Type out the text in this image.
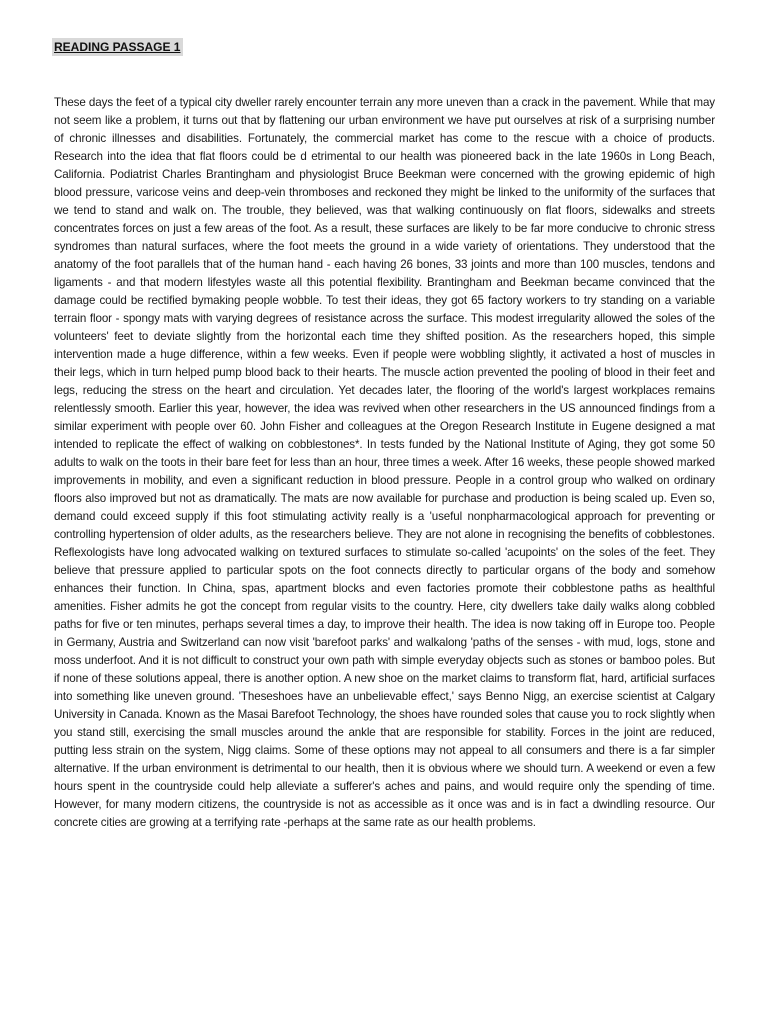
READING PASSAGE 1

These days the feet of a typical city dweller rarely encounter terrain any more uneven than a crack in the pavement. While that may not seem like a problem, it turns out that by flattening our urban environment we have put ourselves at risk of a surprising number of chronic illnesses and disabilities. Fortunately, the commercial market has come to the rescue with a choice of products. Research into the idea that flat floors could be d etrimental to our health was pioneered back in the late 1960s in Long Beach, California. Podiatrist Charles Brantingham and physiologist Bruce Beekman were concerned with the growing epidemic of high blood pressure, varicose veins and deep-vein thromboses and reckoned they might be linked to the uniformity of the surfaces that we tend to stand and walk on. The trouble, they believed, was that walking continuously on flat floors, sidewalks and streets concentrates forces on just a few areas of the foot. As a result, these surfaces are likely to be far more conducive to chronic stress syndromes than natural surfaces, where the foot meets the ground in a wide variety of orientations. They understood that the anatomy of the foot parallels that of the human hand - each having 26 bones, 33 joints and more than 100 muscles, tendons and ligaments - and that modern lifestyles waste all this potential flexibility. Brantingham and Beekman became convinced that the damage could be rectified bymaking people wobble. To test their ideas, they got 65 factory workers to try standing on a variable terrain floor - spongy mats with varying degrees of resistance across the surface. This modest irregularity allowed the soles of the volunteers' feet to deviate slightly from the horizontal each time they shifted position. As the researchers hoped, this simple intervention made a huge difference, within a few weeks. Even if people were wobbling slightly, it activated a host of muscles in their legs, which in turn helped pump blood back to their hearts. The muscle action prevented the pooling of blood in their feet and legs, reducing the stress on the heart and circulation. Yet decades later, the flooring of the world's largest workplaces remains relentlessly smooth. Earlier this year, however, the idea was revived when other researchers in the US announced findings from a similar experiment with people over 60. John Fisher and colleagues at the Oregon Research Institute in Eugene designed a mat intended to replicate the effect of walking on cobblestones*. In tests funded by the National Institute of Aging, they got some 50 adults to walk on the toots in their bare feet for less than an hour, three times a week. After 16 weeks, these people showed marked improvements in mobility, and even a significant reduction in blood pressure. People in a control group who walked on ordinary floors also improved but not as dramatically. The mats are now available for purchase and production is being scaled up. Even so, demand could exceed supply if this foot stimulating activity really is a 'useful nonpharmacological approach for preventing or controlling hypertension of older adults, as the researchers believe. They are not alone in recognising the benefits of cobblestones. Reflexologists have long advocated walking on textured surfaces to stimulate so-called 'acupoints' on the soles of the feet. They believe that pressure applied to particular spots on the foot connects directly to particular organs of the body and somehow enhances their function. In China, spas, apartment blocks and even factories promote their cobblestone paths as healthful amenities. Fisher admits he got the concept from regular visits to the country. Here, city dwellers take daily walks along cobbled paths for five or ten minutes, perhaps several times a day, to improve their health. The idea is now taking off in Europe too. People in Germany, Austria and Switzerland can now visit 'barefoot parks' and walkalong 'paths of the senses - with mud, logs, stone and moss underfoot. And it is not difficult to construct your own path with simple everyday objects such as stones or bamboo poles. But if none of these solutions appeal, there is another option. A new shoe on the market claims to transform flat, hard, artificial surfaces into something like uneven ground. 'Theseshoes have an unbelievable effect,' says Benno Nigg, an exercise scientist at Calgary University in Canada. Known as the Masai Barefoot Technology, the shoes have rounded soles that cause you to rock slightly when you stand still, exercising the small muscles around the ankle that are responsible for stability. Forces in the joint are reduced, putting less strain on the system, Nigg claims. Some of these options may not appeal to all consumers and there is a far simpler alternative. If the urban environment is detrimental to our health, then it is obvious where we should turn. A weekend or even a few hours spent in the countryside could help alleviate a sufferer's aches and pains, and would require only the spending of time. However, for many modern citizens, the countryside is not as accessible as it once was and is in fact a dwindling resource. Our concrete cities are growing at a terrifying rate -perhaps at the same rate as our health problems.
